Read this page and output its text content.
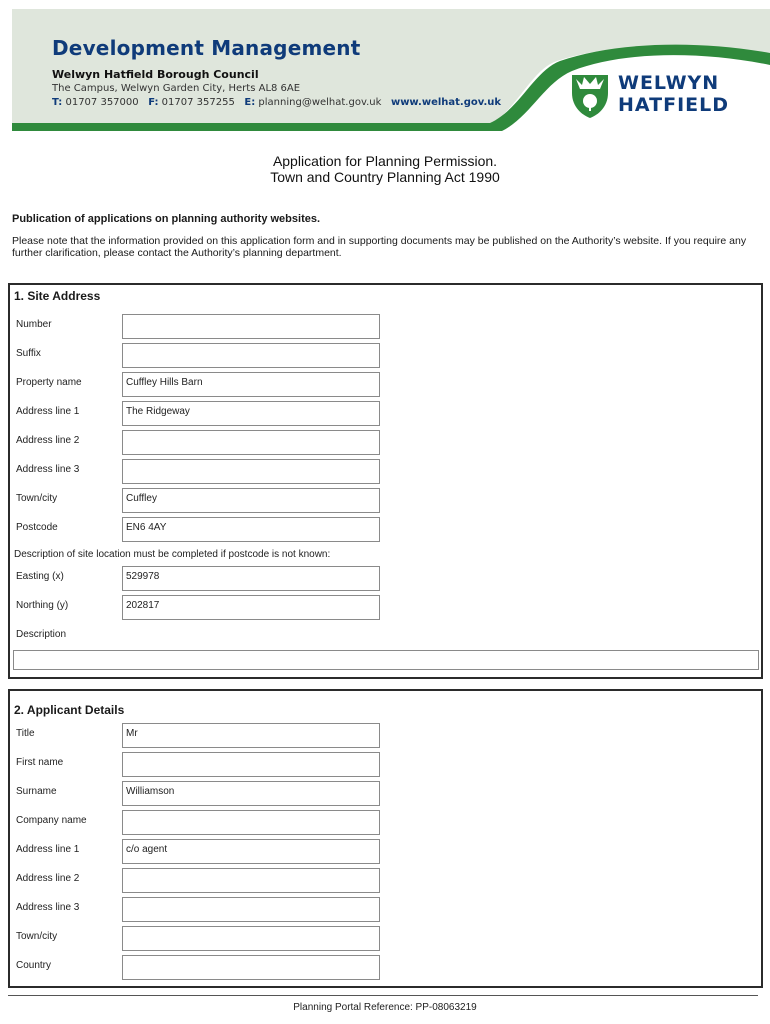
Development Management
Welwyn Hatfield Borough Council
The Campus, Welwyn Garden City, Herts AL8 6AE
T: 01707 357000 F: 01707 357255 E: planning@welhat.gov.uk www.welhat.gov.uk
WELWYN
HATFIELD
Application for Planning Permission.
Town and Country Planning Act 1990
Publication of applications on planning authority websites.
Please note that the information provided on this application form and in supporting documents may be published on the Authority’s website. If you require any further clarification, please contact the Authority’s planning department.
1. Site Address
Number
Suffix
Property name	Cuffley Hills Barn
Address line 1	The Ridgeway
Address line 2
Address line 3
Town/city	Cuffley
Postcode	EN6 4AY
Description of site location must be completed if postcode is not known:
Easting (x)	529978
Northing (y)	202817
Description
2. Applicant Details
Title	Mr
First name
Surname	Williamson
Company name
Address line 1	c/o agent
Address line 2
Address line 3
Town/city
Country
Planning Portal Reference: PP-08063219
